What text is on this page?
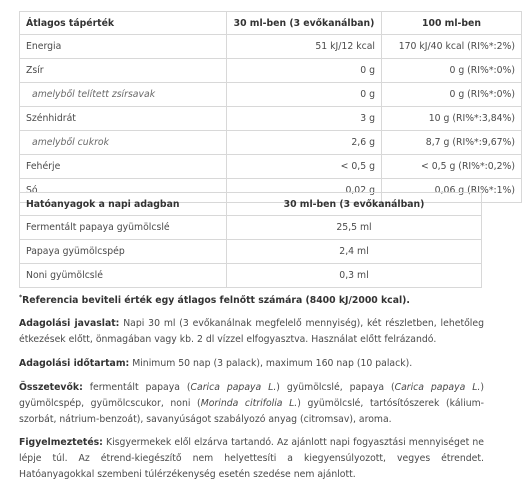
Átlagos tápérték	30 ml-ben (3 evőkanálban)	100 ml-ben
Energia	51 kJ/12 kcal	170 kJ/40 kcal (RI%*:2%)
Zsír	0 g	0 g (RI%*:0%)
amelyből telített zsírsavak	0 g	0 g (RI%*:0%)
Szénhidrát	3 g	10 g (RI%*:3,84%)
amelyből cukrok	2,6 g	8,7 g (RI%*:9,67%)
Fehérje	< 0,5 g	< 0,5 g (RI%*:0,2%)
Só	0,02 g	0,06 g (RI%*:1%)
Hatóanyagok a napi adagban	30 ml-ben (3 evőkanálban)
Fermentált papaya gyümölcslé	25,5 ml
Papaya gyümölcspép	2,4 ml
Noni gyümölcslé	0,3 ml
*Referencia beviteli érték egy átlagos felnőtt számára (8400 kJ/2000 kcal).

Adagolási javaslat: Napi 30 ml (3 evőkanálnak megfelelő mennyiség), két részletben, lehetőleg étkezések előtt, önmagában vagy kb. 2 dl vízzel elfogyasztva. Használat előtt felrázandó.

Adagolási időtartam: Minimum 50 nap (3 palack), maximum 160 nap (10 palack).

Összetevők: fermentált papaya (Carica papaya L.) gyümölcslé, papaya (Carica papaya L.) gyümölcspép, gyümölcscukor, noni (Morinda citrifolia L.) gyümölcslé, tartósítószerek (kálium-szorbát, nátrium-benzoát), savanyúságot szabályozó anyag (citromsav), aroma.

Figyelmeztetés: Kisgyermekek elől elzárva tartandó. Az ajánlott napi fogyasztási mennyiséget ne lépje túl. Az étrend-kiegészítő nem helyettesíti a kiegyensúlyozott, vegyes étrendet. Hatóanyagokkal szembeni túlérzékenység esetén szedése nem ajánlott.
